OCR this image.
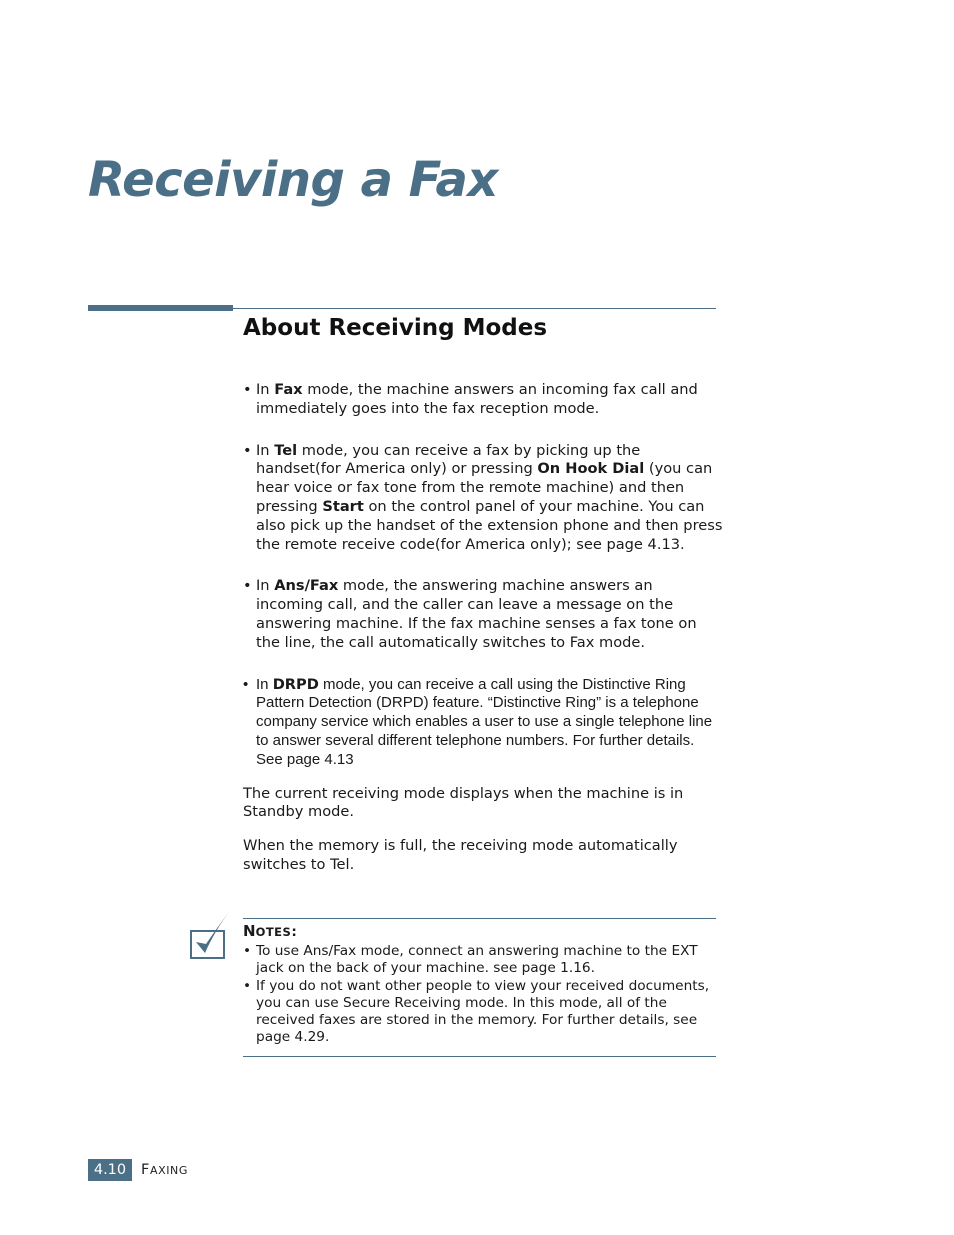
Receiving a Fax
About Receiving Modes

• In Fax mode, the machine answers an incoming fax call and immediately goes into the fax reception mode.

• In Tel mode, you can receive a fax by picking up the handset(for America only) or pressing On Hook Dial (you can hear voice or fax tone from the remote machine) and then pressing Start on the control panel of your machine. You can also pick up the handset of the extension phone and then press the remote receive code(for America only); see page 4.13.

• In Ans/Fax mode, the answering machine answers an incoming call, and the caller can leave a message on the answering machine. If the fax machine senses a fax tone on the line, the call automatically switches to Fax mode.

• In DRPD mode, you can receive a call using the Distinctive Ring Pattern Detection (DRPD) feature. “Distinctive Ring” is a telephone company service which enables a user to use a single telephone line to answer several different telephone numbers. For further details. See page 4.13

The current receiving mode displays when the machine is in Standby mode.

When the memory is full, the receiving mode automatically switches to Tel.

NOTES:

• To use Ans/Fax mode, connect an answering machine to the EXT jack on the back of your machine. see page 1.16.

• If you do not want other people to view your received documents, you can use Secure Receiving mode. In this mode, all of the received faxes are stored in the memory. For further details, see page 4.29.

4.10	FAXING
